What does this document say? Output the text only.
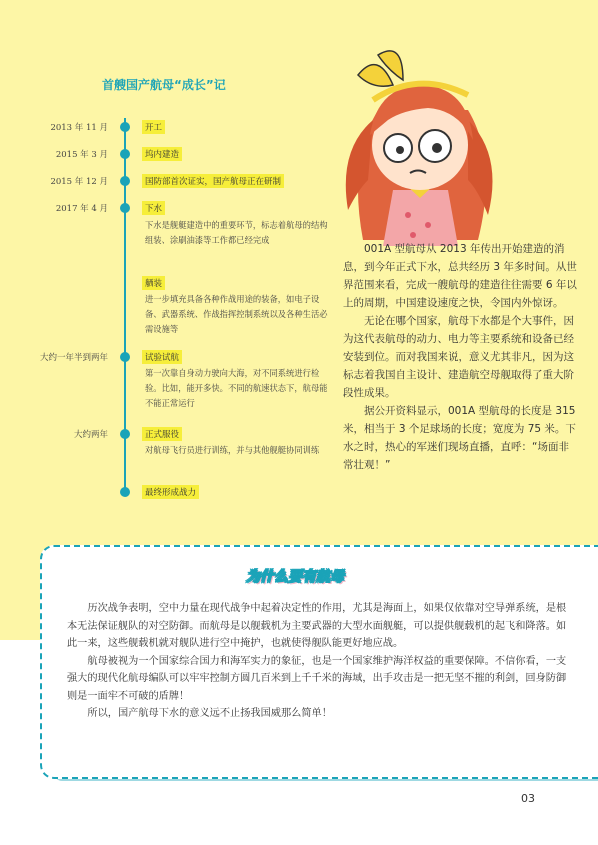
首艘国产航母“成长”记
2013 年 11 月	开工
2015 年 3 月	坞内建造
2015 年 12 月	国防部首次证实，国产航母正在研制
2017 年 4 月	下水
下水是舰艇建造中的重要环节，标志着航母的结构组装、涂刷油漆等工作都已经完成
舾装
进一步填充具备各种作战用途的装备，如电子设备、武器系统、作战指挥控制系统以及各种生活必需设施等
大约一年半到两年	试验试航
第一次靠自身动力驶向大海，对不同系统进行检验。比如，能开多快。不同的航速状态下，航母能不能正常运行
大约两年	正式服役
对航母飞行员进行训练，并与其他舰艇协同训练
最终形成战力

001A 型航母从 2013 年传出开始建造的消息，到今年正式下水，总共经历 3 年多时间。从世界范围来看，完成一艘航母的建造往往需要 6 年以上的周期，中国建设速度之快，令国内外惊讶。

无论在哪个国家，航母下水都是个大事件，因为这代表航母的动力、电力等主要系统和设备已经安装到位。而对我国来说，意义尤其非凡，因为这标志着我国自主设计、建造航空母舰取得了重大阶段性成果。

据公开资料显示，001A 型航母的长度是 315 米，相当于 3 个足球场的长度；宽度为 75 米。下水之时，热心的军迷们现场直播，直呼：“场面非常壮观！”

为什么要有航母

历次战争表明，空中力量在现代战争中起着决定性的作用，尤其是海面上，如果仅依靠对空导弹系统，是根本无法保证舰队的对空防御。而航母是以舰载机为主要武器的大型水面舰艇，可以提供舰载机的起飞和降落。如此一来，这些舰载机就对舰队进行空中掩护，也就使得舰队能更好地应战。

航母被视为一个国家综合国力和海军实力的象征，也是一个国家维护海洋权益的重要保障。不信你看，一支强大的现代化航母编队可以牢牢控制方圆几百米到上千千米的海域，出手攻击是一把无坚不摧的利剑，回身防御则是一面牢不可破的盾牌！

所以，国产航母下水的意义远不止扬我国威那么简单！

03
